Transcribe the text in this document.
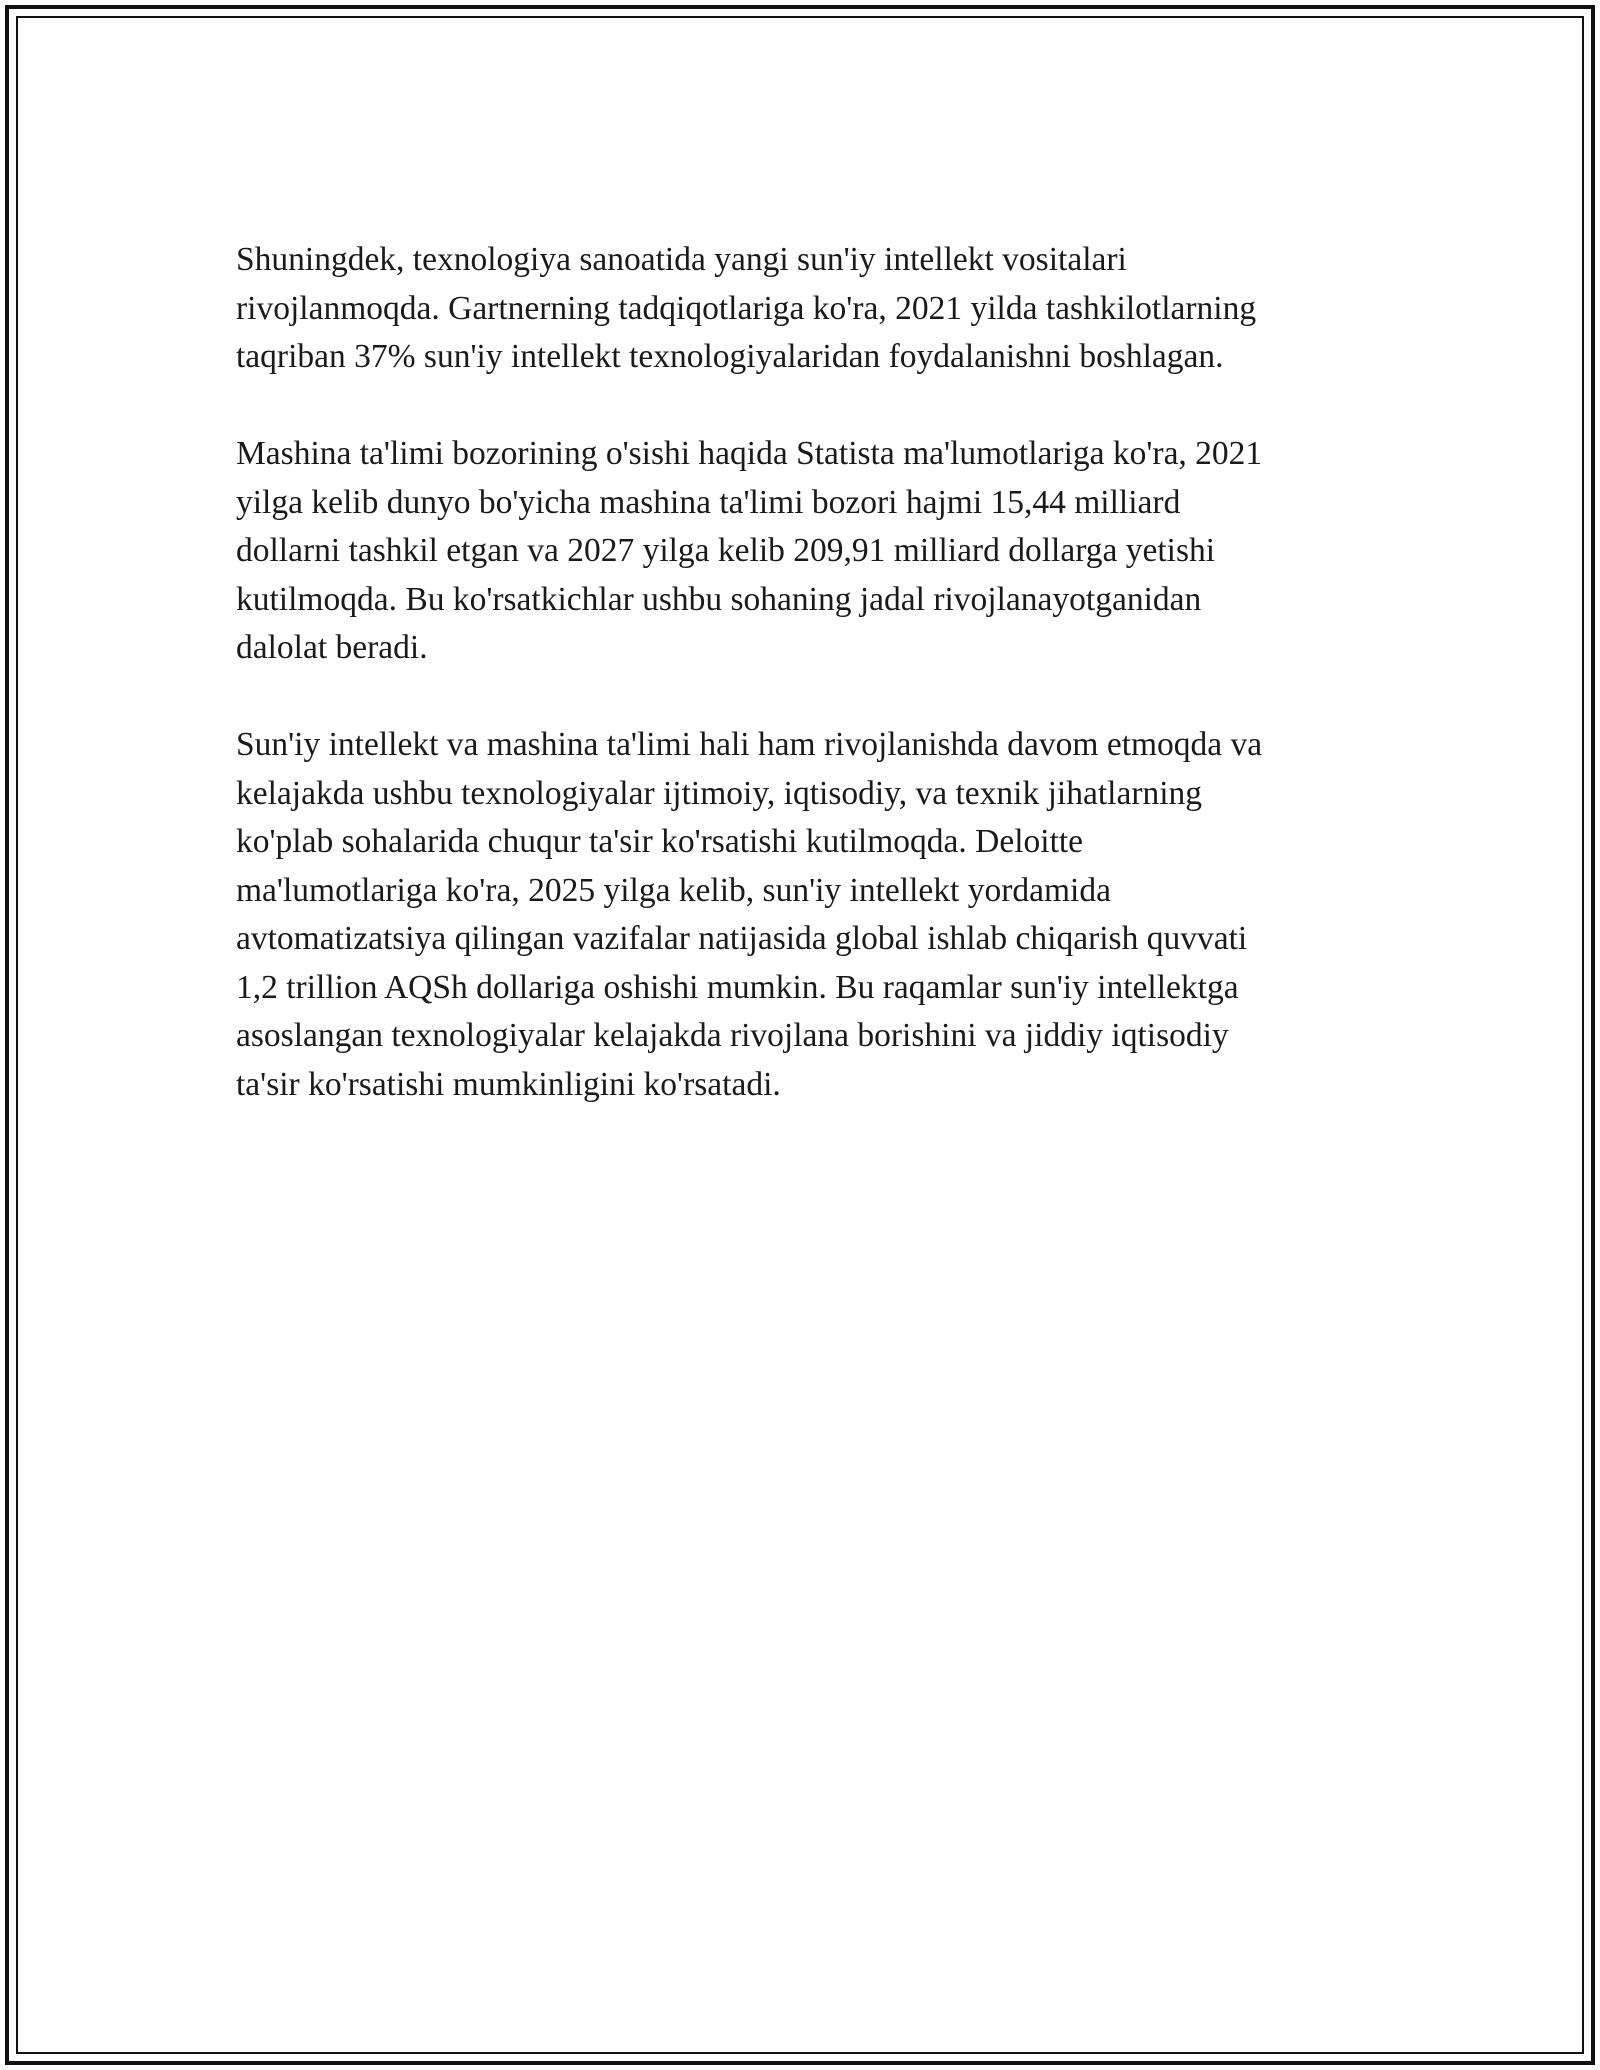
Shuningdek, texnologiya sanoatida yangi sun'iy intellekt vositalari
rivojlanmoqda. Gartnerning tadqiqotlariga ko'ra, 2021 yilda tashkilotlarning
taqriban 37% sun'iy intellekt texnologiyalaridan foydalanishni boshlagan.

Mashina ta'limi bozorining o'sishi haqida Statista ma'lumotlariga ko'ra, 2021
yilga kelib dunyo bo'yicha mashina ta'limi bozori hajmi 15,44 milliard
dollarni tashkil etgan va 2027 yilga kelib 209,91 milliard dollarga yetishi
kutilmoqda. Bu ko'rsatkichlar ushbu sohaning jadal rivojlanayotganidan
dalolat beradi.

Sun'iy intellekt va mashina ta'limi hali ham rivojlanishda davom etmoqda va
kelajakda ushbu texnologiyalar ijtimoiy, iqtisodiy, va texnik jihatlarning
ko'plab sohalarida chuqur ta'sir ko'rsatishi kutilmoqda. Deloitte
ma'lumotlariga ko'ra, 2025 yilga kelib, sun'iy intellekt yordamida
avtomatizatsiya qilingan vazifalar natijasida global ishlab chiqarish quvvati
1,2 trillion AQSh dollariga oshishi mumkin. Bu raqamlar sun'iy intellektga
asoslangan texnologiyalar kelajakda rivojlana borishini va jiddiy iqtisodiy
ta'sir ko'rsatishi mumkinligini ko'rsatadi.
